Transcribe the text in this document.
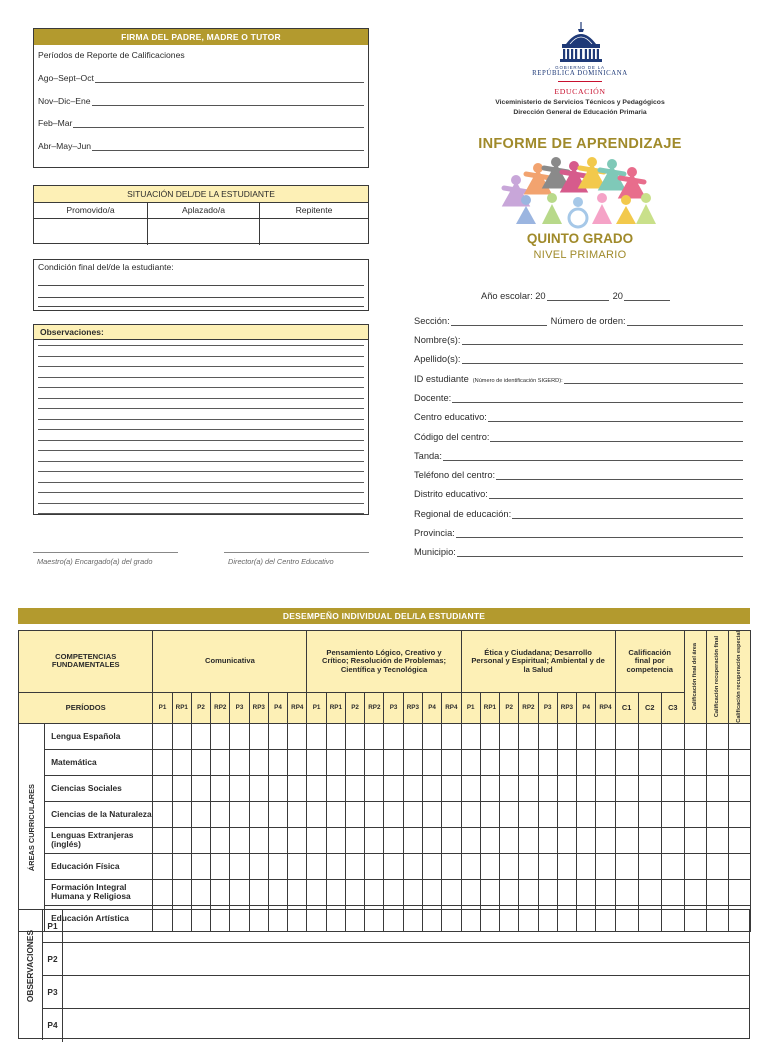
FIRMA DEL PADRE, MADRE O TUTOR
Períodos de Reporte de Calificaciones
Ago–Sept–Oct
Nov–Dic–Ene
Feb–Mar
Abr–May–Jun
SITUACIÓN DEL/DE LA ESTUDIANTE
Promovido/a	Aplazado/a	Repitente
Condición final del/de la estudiante:
Observaciones:
Maestro(a) Encargado(a) del grado	Director(a) del Centro Educativo
GOBIERNO DE LA
REPÚBLICA DOMINICANA
EDUCACIÓN
Viceministerio de Servicios Técnicos y Pedagógicos
Dirección General de Educación Primaria
INFORME DE APRENDIZAJE
QUINTO GRADO
NIVEL PRIMARIO
Año escolar: 20	20
Sección:	Número de orden:
Nombre(s):
Apellido(s):
ID estudiante (Número de identificación SIGERD):
Docente:
Centro educativo:
Código del centro:
Tanda:
Teléfono del centro:
Distrito educativo:
Regional de educación:
Provincia:
Municipio:
DESEMPEÑO INDIVIDUAL DEL/LA ESTUDIANTE
COMPETENCIAS FUNDAMENTALES		Comunicativa								Pensamiento Lógico, Creativo y Crítico; Resolución de Problemas; Científica y Tecnológica								Ética y Ciudadana; Desarrollo Personal y Espiritual; Ambiental y de la Salud								Calificación final por competencia			Calificación final del área	Calificación recuperación final	Calificación recuperación especial

PERÍODOS		P1	RP1	P2	RP2	P3	RP3	P4	RP4	P1	RP1	P2	RP2	P3	RP3	P4	RP4	P1	RP1	P2	RP2	P3	RP3	P4	RP4	C1	C2	C3			

ÁREAS CURRICULARES	Lengua Española																														
	Matemática																														
	Ciencias Sociales																														
	Ciencias de la Naturaleza																														
	Lenguas Extranjeras (inglés)																														
	Educación Física																														
	Formación Integral Humana y Religiosa																														
	Educación Artística																														
OBSERVACIONES
P1
P2
P3
P4
